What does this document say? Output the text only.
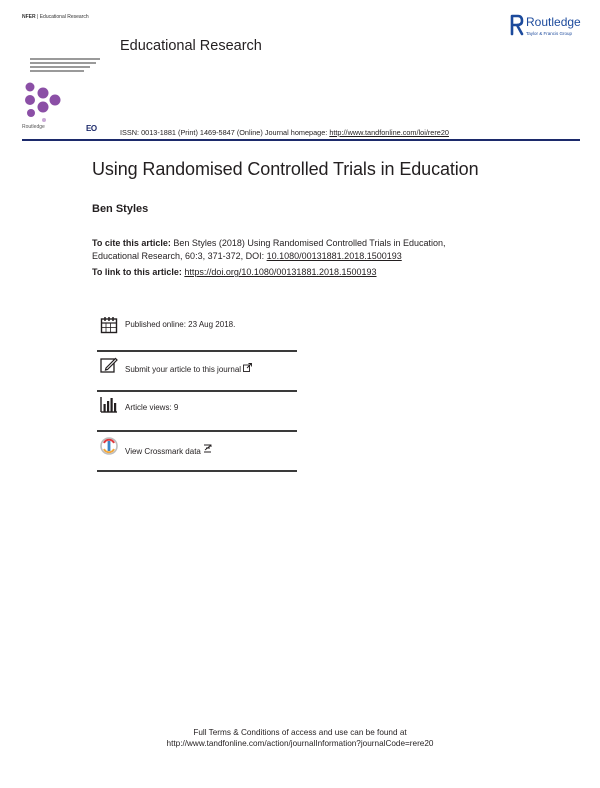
NFER | Educational Research
Routledge	EO
Educational Research
Routledge
Taylor & Francis Group
ISSN: 0013-1881 (Print) 1469-5847 (Online) Journal homepage: http://www.tandfonline.com/loi/rere20
Using Randomised Controlled Trials in Education
Ben Styles
To cite this article: Ben Styles (2018) Using Randomised Controlled Trials in Education,
Educational Research, 60:3, 371-372, DOI: 10.1080/00131881.2018.1500193
To link to this article: https://doi.org/10.1080/00131881.2018.1500193
Published online: 23 Aug 2018.
Submit your article to this journal
Article views: 9
View Crossmark data
Full Terms & Conditions of access and use can be found at
http://www.tandfonline.com/action/journalInformation?journalCode=rere20
